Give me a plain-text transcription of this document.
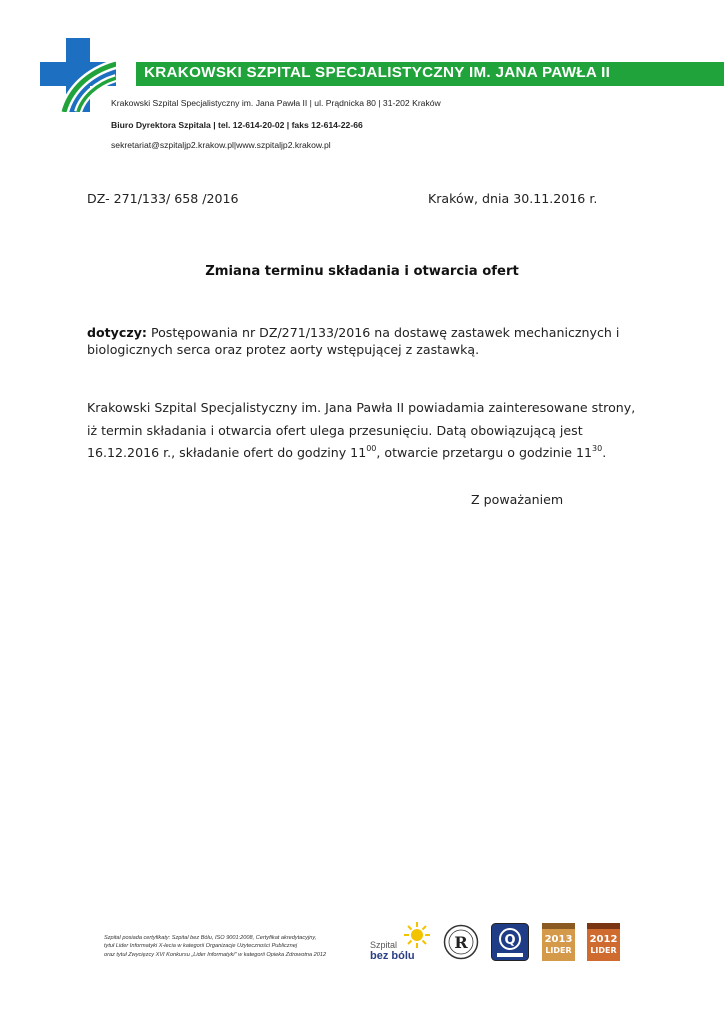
KRAKOWSKI SZPITAL SPECJALISTYCZNY IM. JANA PAWŁA II
Krakowski Szpital Specjalistyczny im. Jana Pawła II | ul. Prądnicka 80 | 31-202 Kraków
Biuro Dyrektora Szpitala | tel. 12-614-20-02 | faks 12-614-22-66
sekretariat@szpitaljp2.krakow.pl|www.szpitaljp2.krakow.pl
DZ- 271/133/ 658 /2016	Kraków, dnia 30.11.2016 r.
Zmiana terminu składania i otwarcia ofert
dotyczy: Postępowania nr DZ/271/133/2016 na dostawę zastawek mechanicznych i biologicznych serca oraz protez aorty wstępującej z zastawką.
Krakowski Szpital Specjalistyczny im. Jana Pawła II powiadamia zainteresowane strony,
iż termin składania i otwarcia ofert ulega przesunięciu. Datą obowiązującą jest
16.12.2016 r., składanie ofert do godziny $11^{00}$, otwarcie przetargu o godzinie $11^{30}$.
Z poważaniem
Szpital posiada certyfikaty: Szpital bez Bólu, ISO 9001:2008, Certyfikat akredytacyjny,
tytuł Lider Informatyki X-lecia w kategorii Organizacje Użyteczności Publicznej
oraz tytuł Zwycięzcy XVI Konkursu „Lider Informatyki" w kategorii Opieka Zdrowotna 2012
Szpital
bez bólu
R	Q	2013
LIDER
2012
LIDER
